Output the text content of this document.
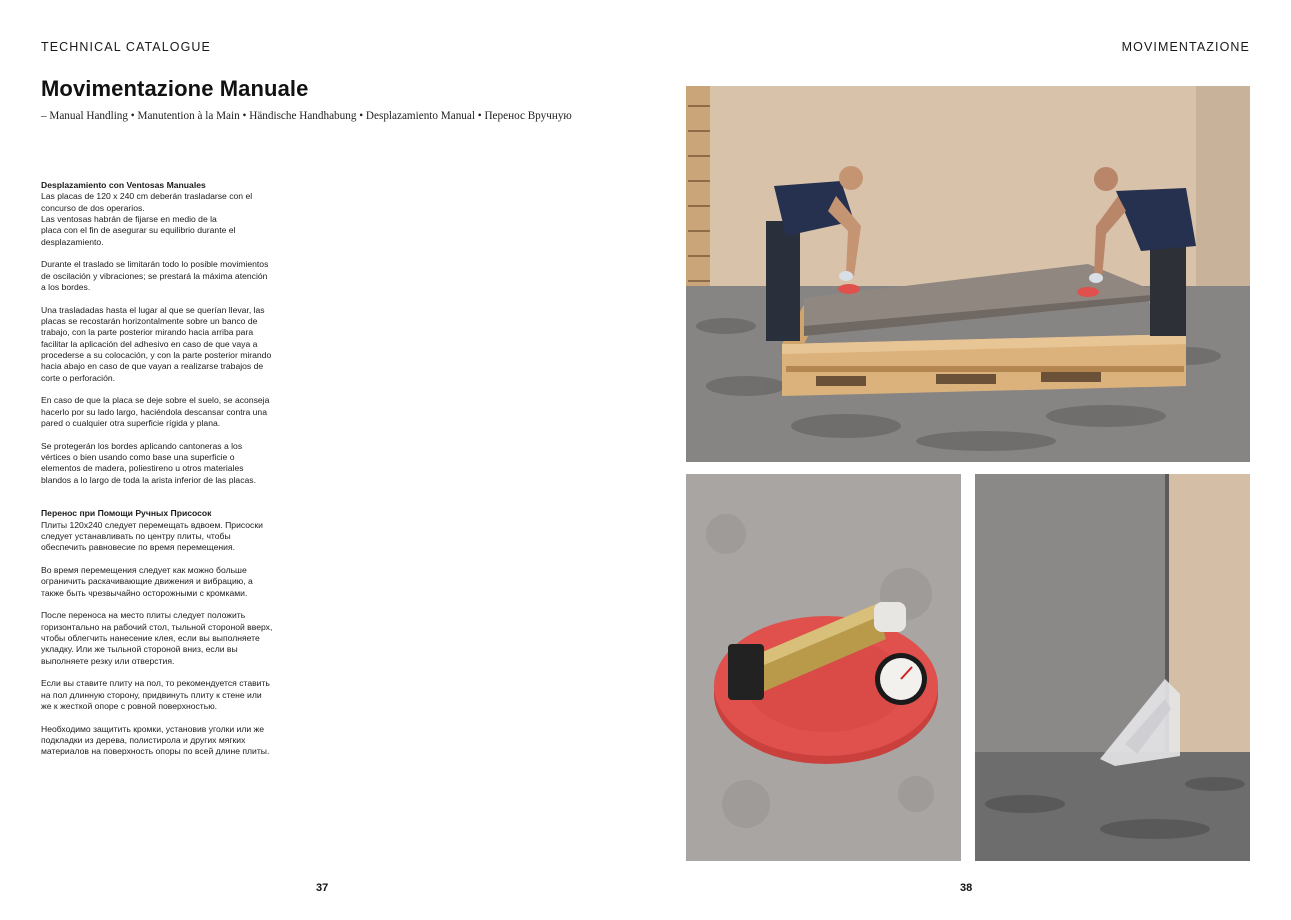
TECHNICAL CATALOGUE	MOVIMENTAZIONE
Movimentazione Manuale
– Manual Handling • Manutention à la Main • Händische Handhabung • Desplazamiento Manual • Перенос Вручную
Desplazamiento con Ventosas Manuales

Las placas de 120 x 240 cm deberán trasladarse con el concurso de dos operarios.
Las ventosas habrán de fijarse en medio de la
placa con el fin de asegurar su equilibrio durante el desplazamiento.

Durante el traslado se limitarán todo lo posible movimientos de oscilación y vibraciones; se prestará la máxima atención a los bordes.

Una trasladadas hasta el lugar al que se querían llevar, las placas se recostarán horizontalmente sobre un banco de trabajo, con la parte posterior mirando hacia arriba para facilitar la aplicación del adhesivo en caso de que vaya a procederse a su colocación, y con la parte posterior mirando hacia abajo en caso de que vayan a realizarse trabajos de corte o perforación.

En caso de que la placa se deje sobre el suelo, se aconseja hacerlo por su lado largo, haciéndola descansar contra una pared o cualquier otra superficie rígida y plana.

Se protegerán los bordes aplicando cantoneras a los vértices o bien usando como base una superficie o elementos de madera, poliestireno u otros materiales blandos a lo largo de toda la arista inferior de las placas.

Перенос при Помощи Ручных Присосок

Плиты 120x240 следует перемещать вдвоем. Присоски следует устанавливать по центру плиты, чтобы обеспечить равновесие по время перемещения.

Во время перемещения следует как можно больше ограничить раскачивающие движения и вибрацию, а также быть чрезвычайно осторожными с кромками.

После переноса на место плиты следует положить горизонтально на рабочий стол, тыльной стороной вверх, чтобы облегчить нанесение клея, если вы выполняете укладку. Или же тыльной стороной вниз, если вы выполняете резку или отверстия.

Если вы ставите плиту на пол, то рекомендуется ставить на пол длинную сторону, придвинуть плиту к стене или же к жесткой опоре с ровной поверхностью.

Необходимо защитить кромки, установив уголки или же подкладки из дерева, полистирола и других мягких материалов на поверхность опоры по всей длине плиты.

37	38
